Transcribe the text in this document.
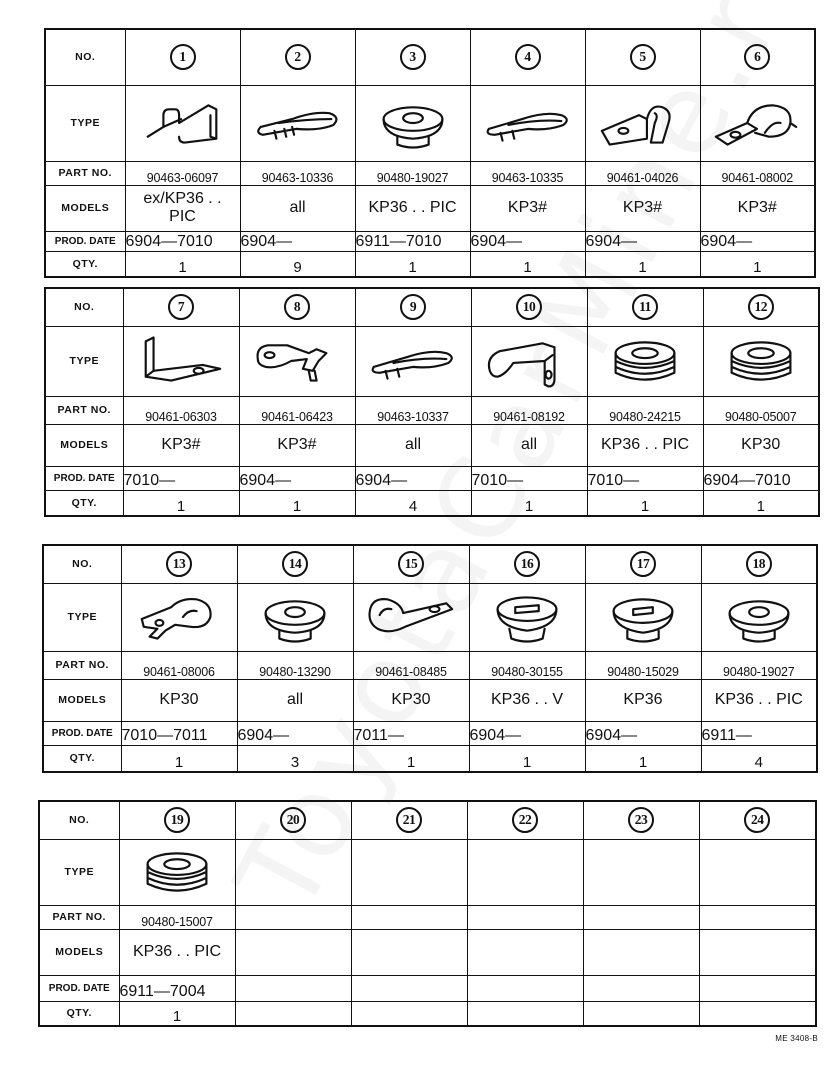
NO.	1	2	3	4	5	6
TYPE	

PART NO.	90463-06097	90463-10336	90480-19027	90463-10335	90461-04026	90461-08002
MODELS	ex/KP36 . . PIC	all	KP36 . . PIC	KP3#	KP3#	KP3#
PROD. DATE	6904—7010	6904—	6911—7010	6904—	6904—	6904—
QTY.	1	9	1	1	1	1
NO.	7	8	9	10	11	12
TYPE	

PART NO.	90461-06303	90461-06423	90463-10337	90461-08192	90480-24215	90480-05007
MODELS	KP3#	KP3#	all	all	KP36 . . PIC	KP30
PROD. DATE	7010—	6904—	6904—	7010—	7010—	6904—7010
QTY.	1	1	4	1	1	1
NO.	13	14	15	16	17	18
TYPE	

PART NO.	90461-08006	90480-13290	90461-08485	90480-30155	90480-15029	90480-19027
MODELS	KP30	all	KP30	KP36 . . V	KP36	KP36 . . PIC
PROD. DATE	7010—7011	6904—	7011—	6904—	6904—	6911—
QTY.	1	3	1	1	1	4
NO.	19	20	21	22	23	24
TYPE	

PART NO.	90480-15007					
MODELS	KP36 . . PIC					
PROD. DATE	6911—7004					
QTY.	1					
ME 3408-B
